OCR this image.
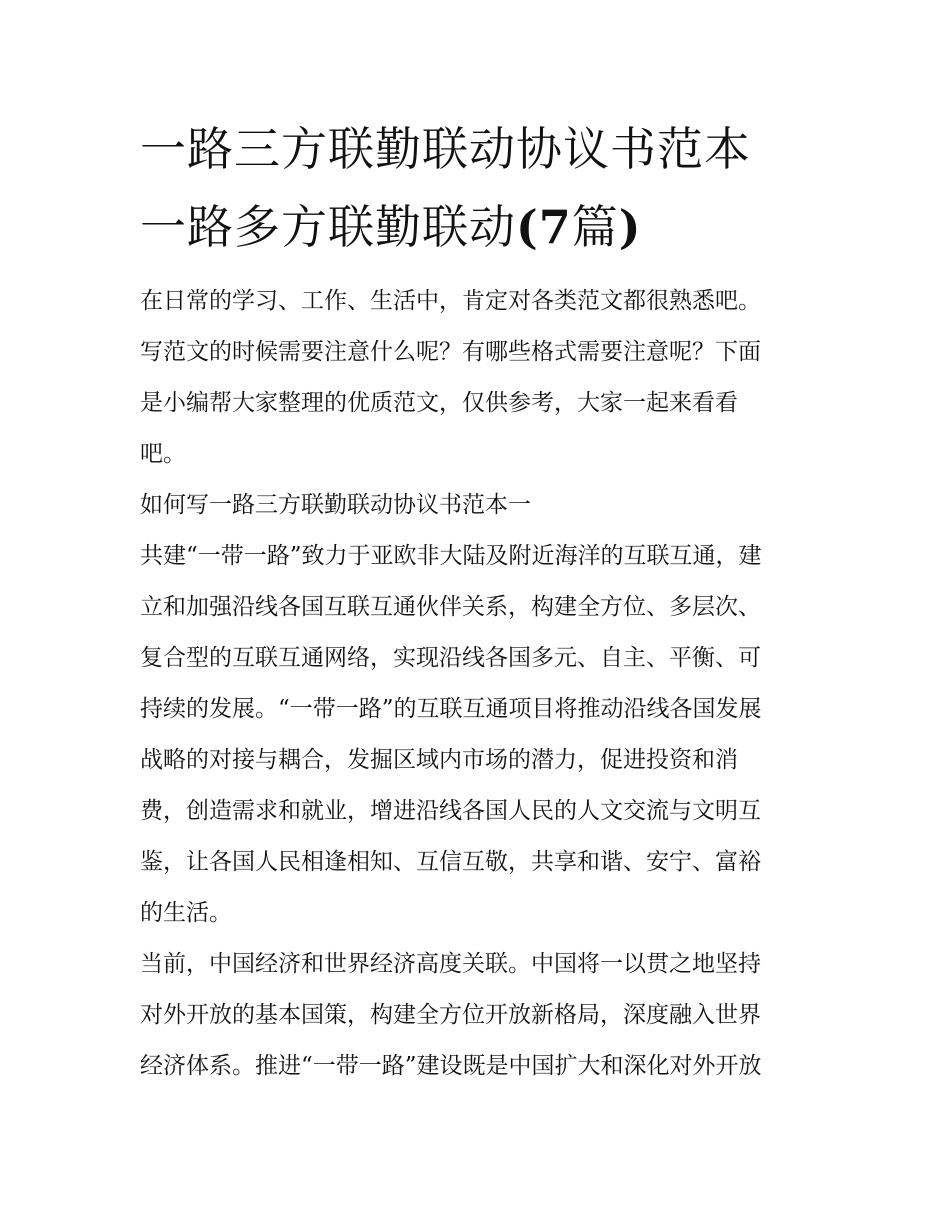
一路三方联勤联动协议书范本
一路多方联勤联动(7篇)
在日常的学习、工作、生活中，肯定对各类范文都很熟悉吧。
写范文的时候需要注意什么呢？有哪些格式需要注意呢？下面
是小编帮大家整理的优质范文，仅供参考，大家一起来看看
吧。
如何写一路三方联勤联动协议书范本一
共建“一带一路”致力于亚欧非大陆及附近海洋的互联互通，建
立和加强沿线各国互联互通伙伴关系，构建全方位、多层次、
复合型的互联互通网络，实现沿线各国多元、自主、平衡、可
持续的发展。“一带一路”的互联互通项目将推动沿线各国发展
战略的对接与耦合，发掘区域内市场的潜力，促进投资和消
费，创造需求和就业，增进沿线各国人民的人文交流与文明互
鉴，让各国人民相逢相知、互信互敬，共享和谐、安宁、富裕
的生活。
当前，中国经济和世界经济高度关联。中国将一以贯之地坚持
对外开放的基本国策，构建全方位开放新格局，深度融入世界
经济体系。推进“一带一路”建设既是中国扩大和深化对外开放
